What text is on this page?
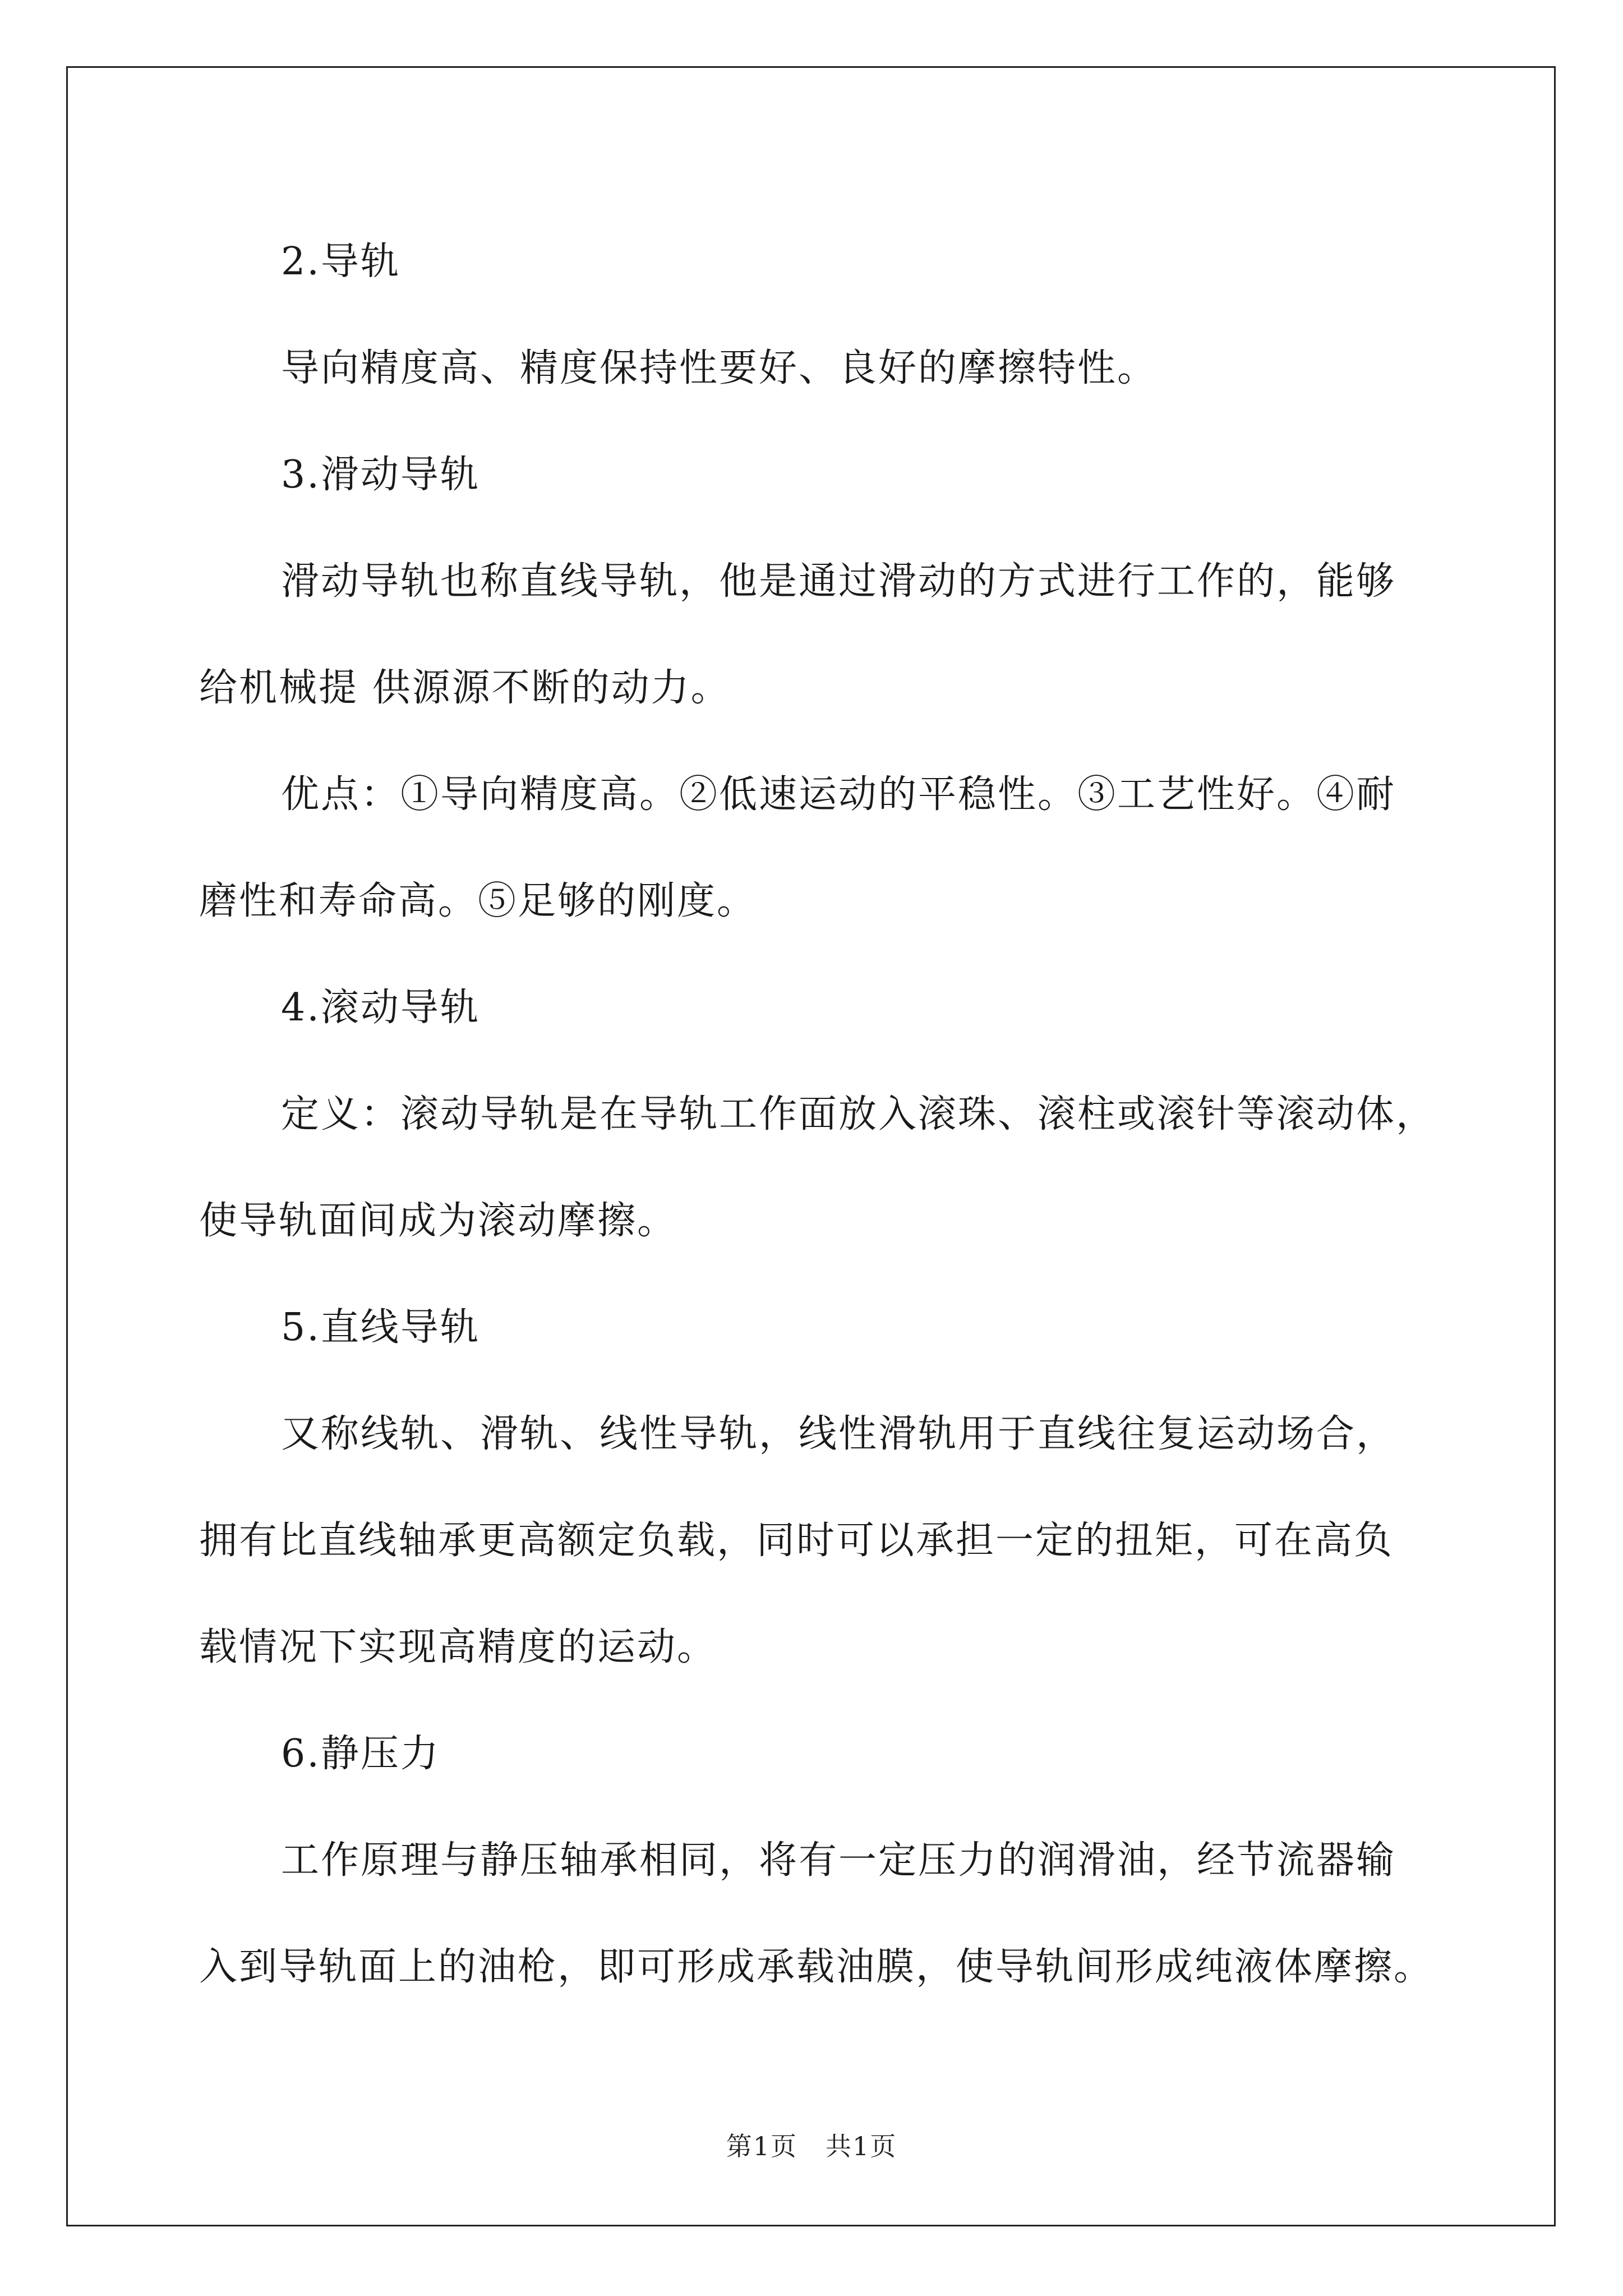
2.导轨
导向精度高、精度保持性要好、良好的摩擦特性。
3.滑动导轨
滑动导轨也称直线导轨，他是通过滑动的方式进行工作的，能够
给机械提 供源源不断的动力。
优点：①导向精度高。②低速运动的平稳性。③工艺性好。④耐
磨性和寿命高。⑤足够的刚度。
4.滚动导轨
定义：滚动导轨是在导轨工作面放入滚珠、滚柱或滚针等滚动体，
使导轨面间成为滚动摩擦。
5.直线导轨
又称线轨、滑轨、线性导轨，线性滑轨用于直线往复运动场合，
拥有比直线轴承更高额定负载，同时可以承担一定的扭矩，可在高负
载情况下实现高精度的运动。
6.静压力
工作原理与静压轴承相同，将有一定压力的润滑油，经节流器输
入到导轨面上的油枪，即可形成承载油膜，使导轨间形成纯液体摩擦。
第1页 共1页
